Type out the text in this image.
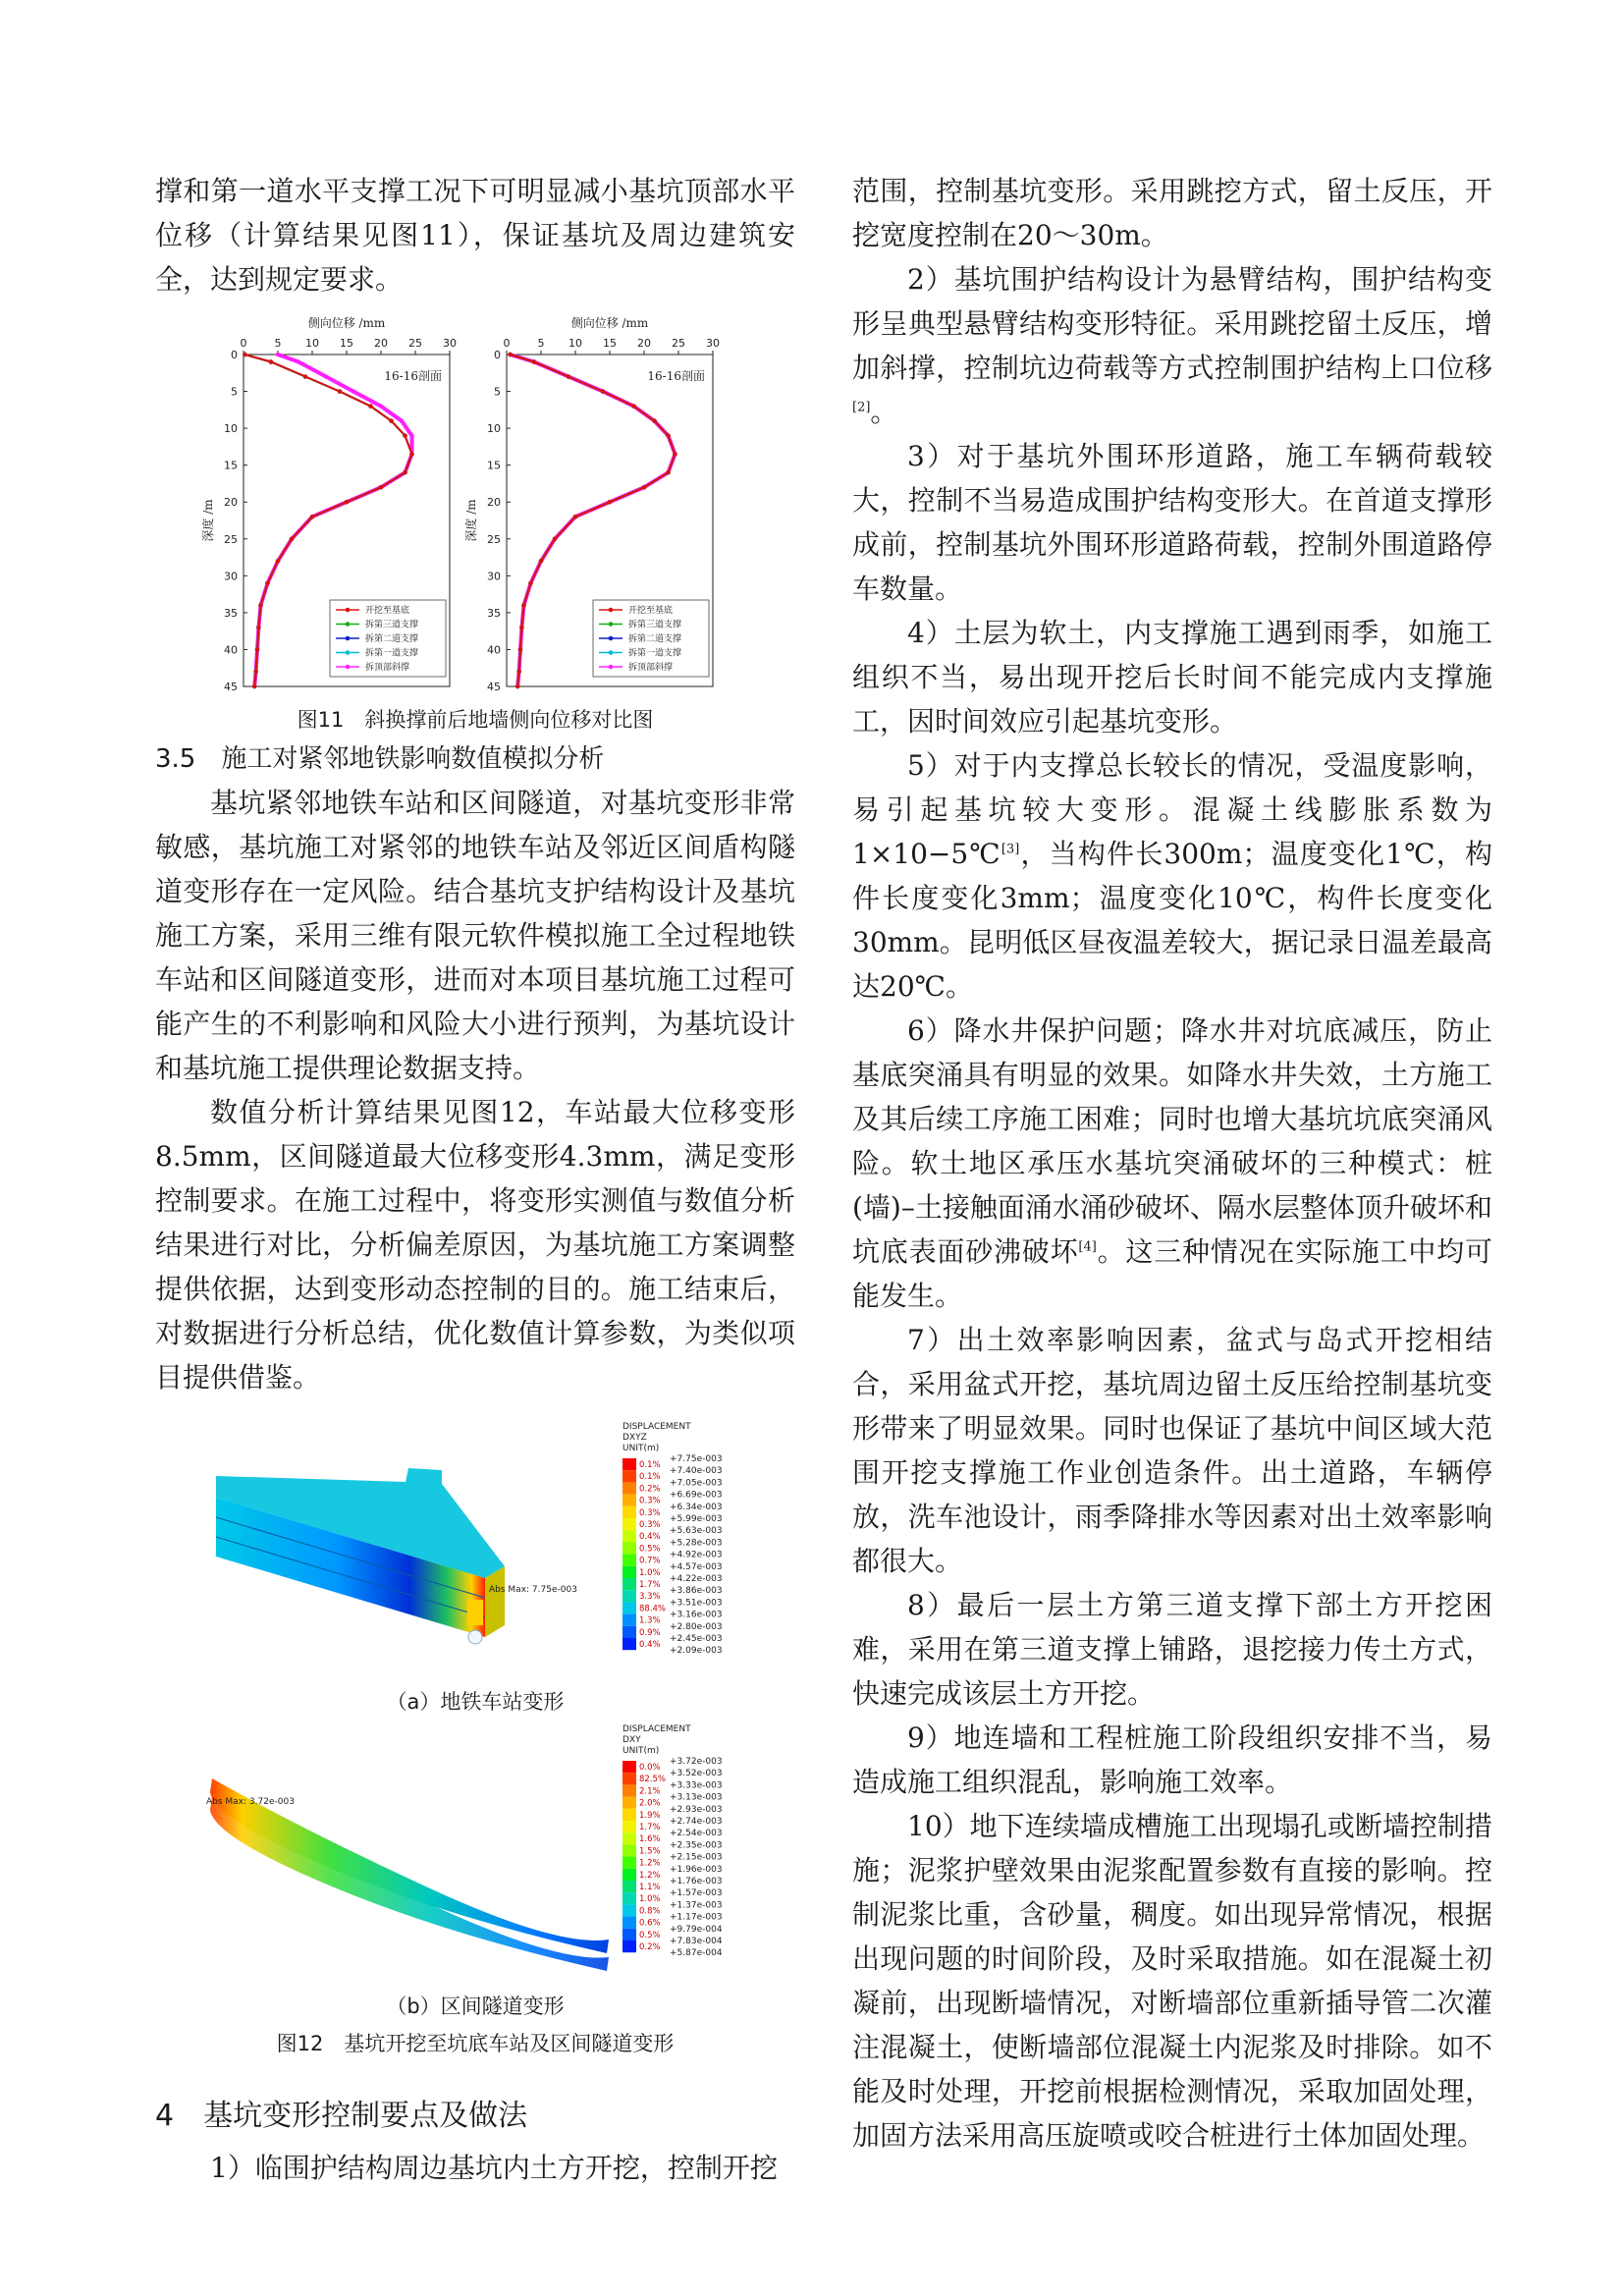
撑和第一道水平支撑工况下可明显减小基坑顶部水平位移（计算结果见图11），保证基坑及周边建筑安全，达到规定要求。

侧向位移 /mm
0	5 10 15 20 25 30
0
5
10
15
20
25
30
35
40
45
深度 /m
16-16剖面
开挖至基底
拆第三道支撑
拆第二道支撑
拆第一道支撑
拆顶部斜撑
侧向位移 /mm
0	5 10 15 20 25 30
0
5
10
15
20
25
30
35
40
45
深度 /m
16-16剖面
开挖至基底
拆第三道支撑
拆第二道支撑
拆第一道支撑
拆顶部斜撑

图11　斜换撑前后地墙侧向位移对比图

3.5　施工对紧邻地铁影响数值模拟分析

基坑紧邻地铁车站和区间隧道，对基坑变形非常敏感，基坑施工对紧邻的地铁车站及邻近区间盾构隧道变形存在一定风险。结合基坑支护结构设计及基坑施工方案，采用三维有限元软件模拟施工全过程地铁车站和区间隧道变形，进而对本项目基坑施工过程可能产生的不利影响和风险大小进行预判，为基坑设计和基坑施工提供理论数据支持。

数值分析计算结果见图12，车站最大位移变形8.5mm，区间隧道最大位移变形4.3mm，满足变形控制要求。在施工过程中，将变形实测值与数值分析结果进行对比，分析偏差原因，为基坑施工方案调整提供依据，达到变形动态控制的目的。施工结束后，对数据进行分析总结，优化数值计算参数，为类似项目提供借鉴。

Abs Max: 7.75e-003
DISPLACEMENT
DXYZ
UNIT(m)
0.1%
0.1%
0.2%
0.3%
0.3%
0.3%
0.4%
0.5%
0.7%
1.0%
1.7%
3.3%
88.4%
1.3%
0.9%
0.4%
+7.75e-003
+7.40e-003
+7.05e-003
+6.69e-003
+6.34e-003
+5.99e-003
+5.63e-003
+5.28e-003
+4.92e-003
+4.57e-003
+4.22e-003
+3.86e-003
+3.51e-003
+3.16e-003
+2.80e-003
+2.45e-003
+2.09e-003

（a）地铁车站变形

Abs Max: 3.72e-003
DISPLACEMENT
DXY
UNIT(m)
0.0%
82.5%
2.1%
2.0%
1.9%
1.7%
1.6%
1.5%
1.2%
1.2%
1.1%
1.0%
0.8%
0.6%
0.5%
0.2%
+3.72e-003
+3.52e-003
+3.33e-003
+3.13e-003
+2.93e-003
+2.74e-003
+2.54e-003
+2.35e-003
+2.15e-003
+1.96e-003
+1.76e-003
+1.57e-003
+1.37e-003
+1.17e-003
+9.79e-004
+7.83e-004
+5.87e-004

（b）区间隧道变形

图12　基坑开挖至坑底车站及区间隧道变形

4　基坑变形控制要点及做法

1）临围护结构周边基坑内土方开挖，控制开挖

范围，控制基坑变形。采用跳挖方式，留土反压，开挖宽度控制在20～30m。

2）基坑围护结构设计为悬臂结构，围护结构变形呈典型悬臂结构变形特征。采用跳挖留土反压，增加斜撑，控制坑边荷载等方式控制围护结构上口位移[2]。

3）对于基坑外围环形道路，施工车辆荷载较大，控制不当易造成围护结构变形大。在首道支撑形成前，控制基坑外围环形道路荷载，控制外围道路停车数量。

4）土层为软土，内支撑施工遇到雨季，如施工组织不当，易出现开挖后长时间不能完成内支撑施工，因时间效应引起基坑变形。

5）对于内支撑总长较长的情况，受温度影响，易引起基坑较大变形。混凝土线膨胀系数为1×10−5℃[3]，当构件长300m；温度变化1℃，构件长度变化3mm；温度变化10℃，构件长度变化30mm。昆明低区昼夜温差较大，据记录日温差最高达20℃。

6）降水井保护问题；降水井对坑底减压，防止基底突涌具有明显的效果。如降水井失效，土方施工及其后续工序施工困难；同时也增大基坑坑底突涌风险。软土地区承压水基坑突涌破坏的三种模式：桩(墙)–土接触面涌水涌砂破坏、隔水层整体顶升破坏和坑底表面砂沸破坏[4]。这三种情况在实际施工中均可能发生。

7）出土效率影响因素，盆式与岛式开挖相结合，采用盆式开挖，基坑周边留土反压给控制基坑变形带来了明显效果。同时也保证了基坑中间区域大范围开挖支撑施工作业创造条件。出土道路，车辆停放，洗车池设计，雨季降排水等因素对出土效率影响都很大。

8）最后一层土方第三道支撑下部土方开挖困难，采用在第三道支撑上铺路，退挖接力传土方式，快速完成该层土方开挖。

9）地连墙和工程桩施工阶段组织安排不当，易造成施工组织混乱，影响施工效率。

10）地下连续墙成槽施工出现塌孔或断墙控制措施；泥浆护壁效果由泥浆配置参数有直接的影响。控制泥浆比重，含砂量，稠度。如出现异常情况，根据出现问题的时间阶段，及时采取措施。如在混凝土初凝前，出现断墙情况，对断墙部位重新插导管二次灌注混凝土，使断墙部位混凝土内泥浆及时排除。如不能及时处理，开挖前根据检测情况，采取加固处理，加固方法采用高压旋喷或咬合桩进行土体加固处理。
